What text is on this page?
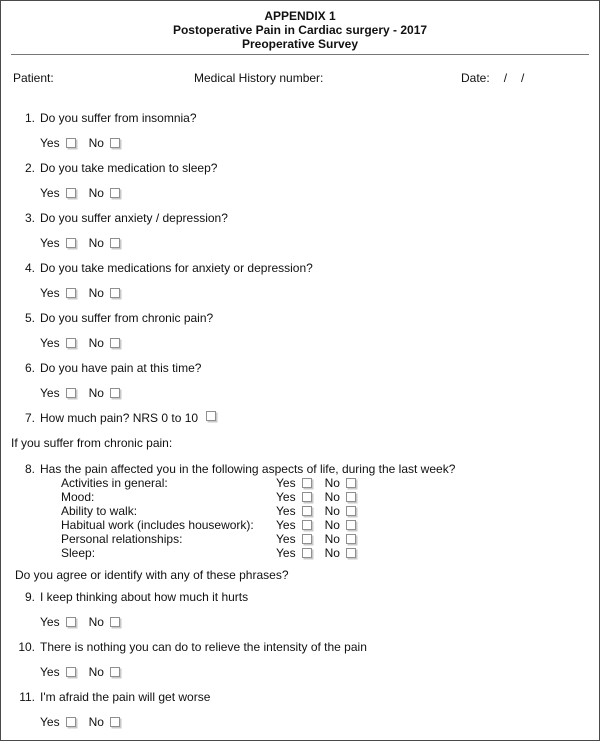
APPENDIX 1
Postoperative Pain in Cardiac surgery - 2017
Preoperative Survey
Patient:	Medical History number:	Date: / /
1. Do you suffer from insomnia?
Yes No
2. Do you take medication to sleep?
Yes No
3. Do you suffer anxiety / depression?
Yes No
4. Do you take medications for anxiety or depression?
Yes No
5. Do you suffer from chronic pain?
Yes No
6. Do you have pain at this time?
Yes No
7. How much pain? NRS 0 to 10
If you suffer from chronic pain:
8. Has the pain affected you in the following aspects of life, during the last week?
Activities in general:	Yes No
Mood:	Yes No
Ability to walk:	Yes No
Habitual work (includes housework):	Yes No
Personal relationships:	Yes No
Sleep:	Yes No
Do you agree or identify with any of these phrases?
9. I keep thinking about how much it hurts
Yes No
10. There is nothing you can do to relieve the intensity of the pain
Yes No
11. I'm afraid the pain will get worse
Yes No
